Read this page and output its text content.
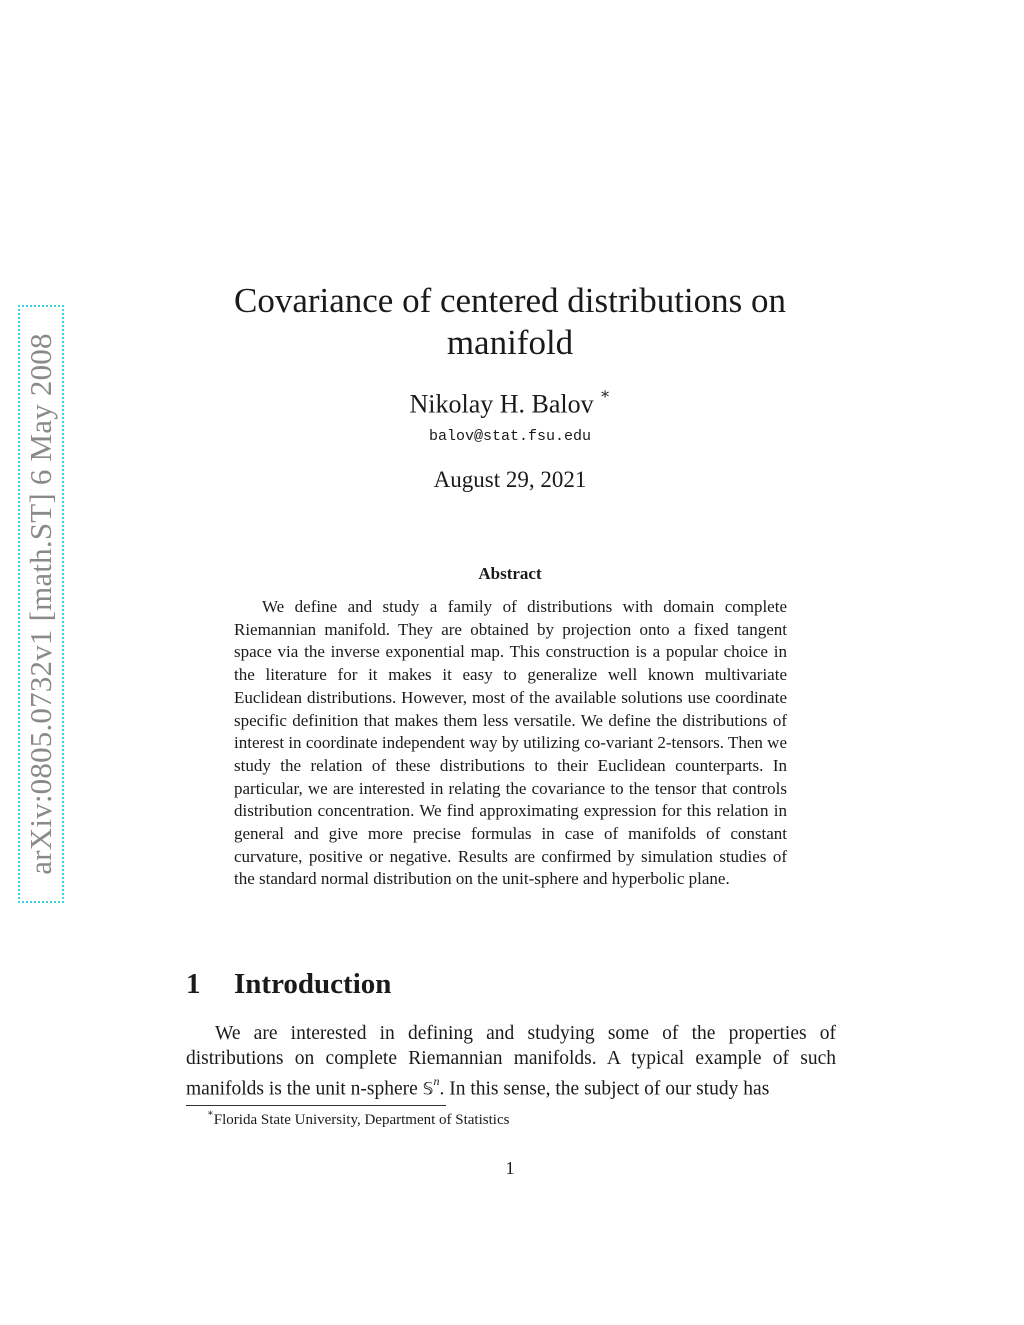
arXiv:0805.0732v1 [math.ST] 6 May 2008
Covariance of centered distributions on
manifold
Nikolay H. Balov ∗
balov@stat.fsu.edu
August 29, 2021
Abstract

We define and study a family of distributions with domain complete Riemannian manifold. They are obtained by projection onto a fixed tangent space via the inverse exponential map. This construction is a popular choice in the literature for it makes it easy to generalize well known multivariate Euclidean distributions. However, most of the available solutions use coordinate specific definition that makes them less versatile. We define the distributions of interest in coordinate independent way by utilizing co-variant 2-tensors. Then we study the relation of these distributions to their Euclidean counterparts. In particular, we are interested in relating the covariance to the tensor that controls distribution concentration. We find approximating expression for this relation in general and give more precise formulas in case of manifolds of constant curvature, positive or negative. Results are confirmed by simulation studies of the standard normal distribution on the unit-sphere and hyperbolic plane.

1 Introduction

We are interested in defining and studying some of the properties of distributions on complete Riemannian manifolds. A typical example of such manifolds is the unit n-sphere 𝕊$^n$. In this sense, the subject of our study has

∗Florida State University, Department of Statistics
1
